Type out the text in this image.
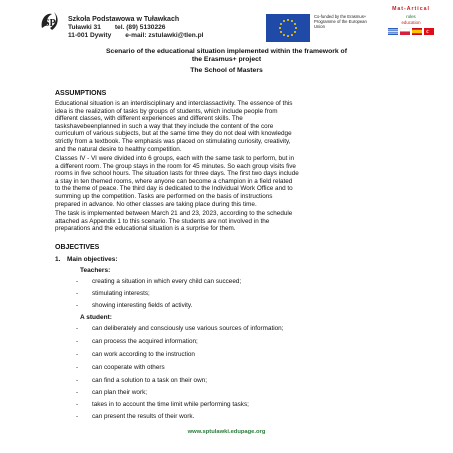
SP Szkoła Podstawowa w Tuławkach
Tuławki 31 tel. (89) 5130226
11-001 Dywity e-mail: zstulawki@tlen.pl
Co-funded by the Erasmus+ Programme of the European Union
Mat-Artical
roles
education
Scenario of the educational situation implemented within the framework of
the Erasmus+ project
The School of Masters
ASSUMPTIONS
Educational situation is an interdisciplinary and interclassactivity. The essence of this
idea is the realization of tasks by groups of students, which include people from
different classes, with different experiences and different skills. The
taskshavebeenplanned in such a way that they include the content of the core
curriculum of various subjects, but at the same time they do not deal with knowledge
strictly from a textbook. The emphasis was placed on stimulating curiosity, creativity,
and the natural desire to healthy competition.
Classes IV - VI were divided into 6 groups, each with the same task to perform, but in
a different room. The group stays in the room for 45 minutes. So each group visits five
rooms in five school hours. The situation lasts for three days. The first two days include
a stay in ten themed rooms, where anyone can become a champion in a field related
to the theme of peace. The third day is dedicated to the Individual Work Office and to
summing up the competition. Tasks are performed on the basis of instructions
prepared in advance. No other classes are taking place during this time.
The task is implemented between March 21 and 23, 2023, according to the schedule
attached as Appendix 1 to this scenario. The students are not involved in the
preparations and the educational situation is a surprise for them.
OBJECTIVES
1. Main objectives:
Teachers:
-	creating a situation in which every child can succeed;
-	stimulating interests;
-	showing interesting fields of activity.
A student:
-	can deliberately and consciously use various sources of information;
-	can process the acquired information;
-	can work according to the instruction
-	can cooperate with others
-	can find a solution to a task on their own;
-	can plan their work;
-	takes in to account the time limit while performing tasks;
-	can present the results of their work.
www.sptulawki.edupage.org
